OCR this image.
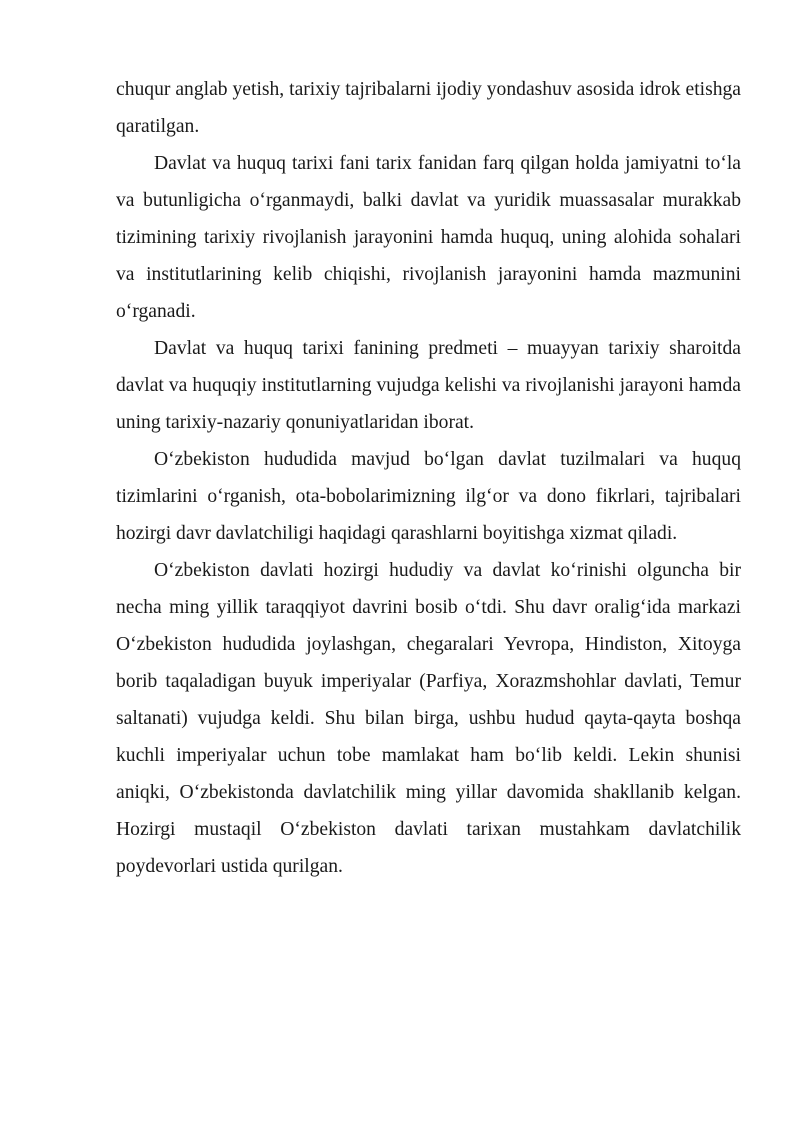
chuqur anglab yetish, tarixiy tajribalarni ijodiy yondashuv asosida idrok etishga qaratilgan.

Davlat va huquq tarixi fani tarix fanidan farq qilgan holda jamiyatni to‘la va butunligicha o‘rganmaydi, balki davlat va yuridik muassasalar murakkab tizimining tarixiy rivojlanish jarayonini hamda huquq, uning alohida sohalari va institutlarining kelib chiqishi, rivojlanish jarayonini hamda mazmunini o‘rganadi.

Davlat va huquq tarixi fanining predmeti – muayyan tarixiy sharoitda davlat va huquqiy institutlarning vujudga kelishi va rivojlanishi jarayoni hamda uning tarixiy-nazariy qonuniyatlaridan iborat.

O‘zbekiston hududida mavjud bo‘lgan davlat tuzilmalari va huquq tizimlarini o‘rganish, ota-bobolarimizning ilg‘or va dono fikrlari, tajribalari hozirgi davr davlatchiligi haqidagi qarashlarni boyitishga xizmat qiladi.

O‘zbekiston davlati hozirgi hududiy va davlat ko‘rinishi olguncha bir necha ming yillik taraqqiyot davrini bosib o‘tdi. Shu davr oralig‘ida markazi O‘zbekiston hududida joylashgan, chegaralari Yevropa, Hindiston, Xitoyga borib taqaladigan buyuk imperiyalar (Parfiya, Xorazmshohlar davlati, Temur saltanati) vujudga keldi. Shu bilan birga, ushbu hudud qayta-qayta boshqa kuchli imperiyalar uchun tobe mamlakat ham bo‘lib keldi. Lekin shunisi aniqki, O‘zbekistonda davlatchilik ming yillar davomida shakllanib kelgan. Hozirgi mustaqil O‘zbekiston davlati tarixan mustahkam davlatchilik poydevorlari ustida qurilgan.
